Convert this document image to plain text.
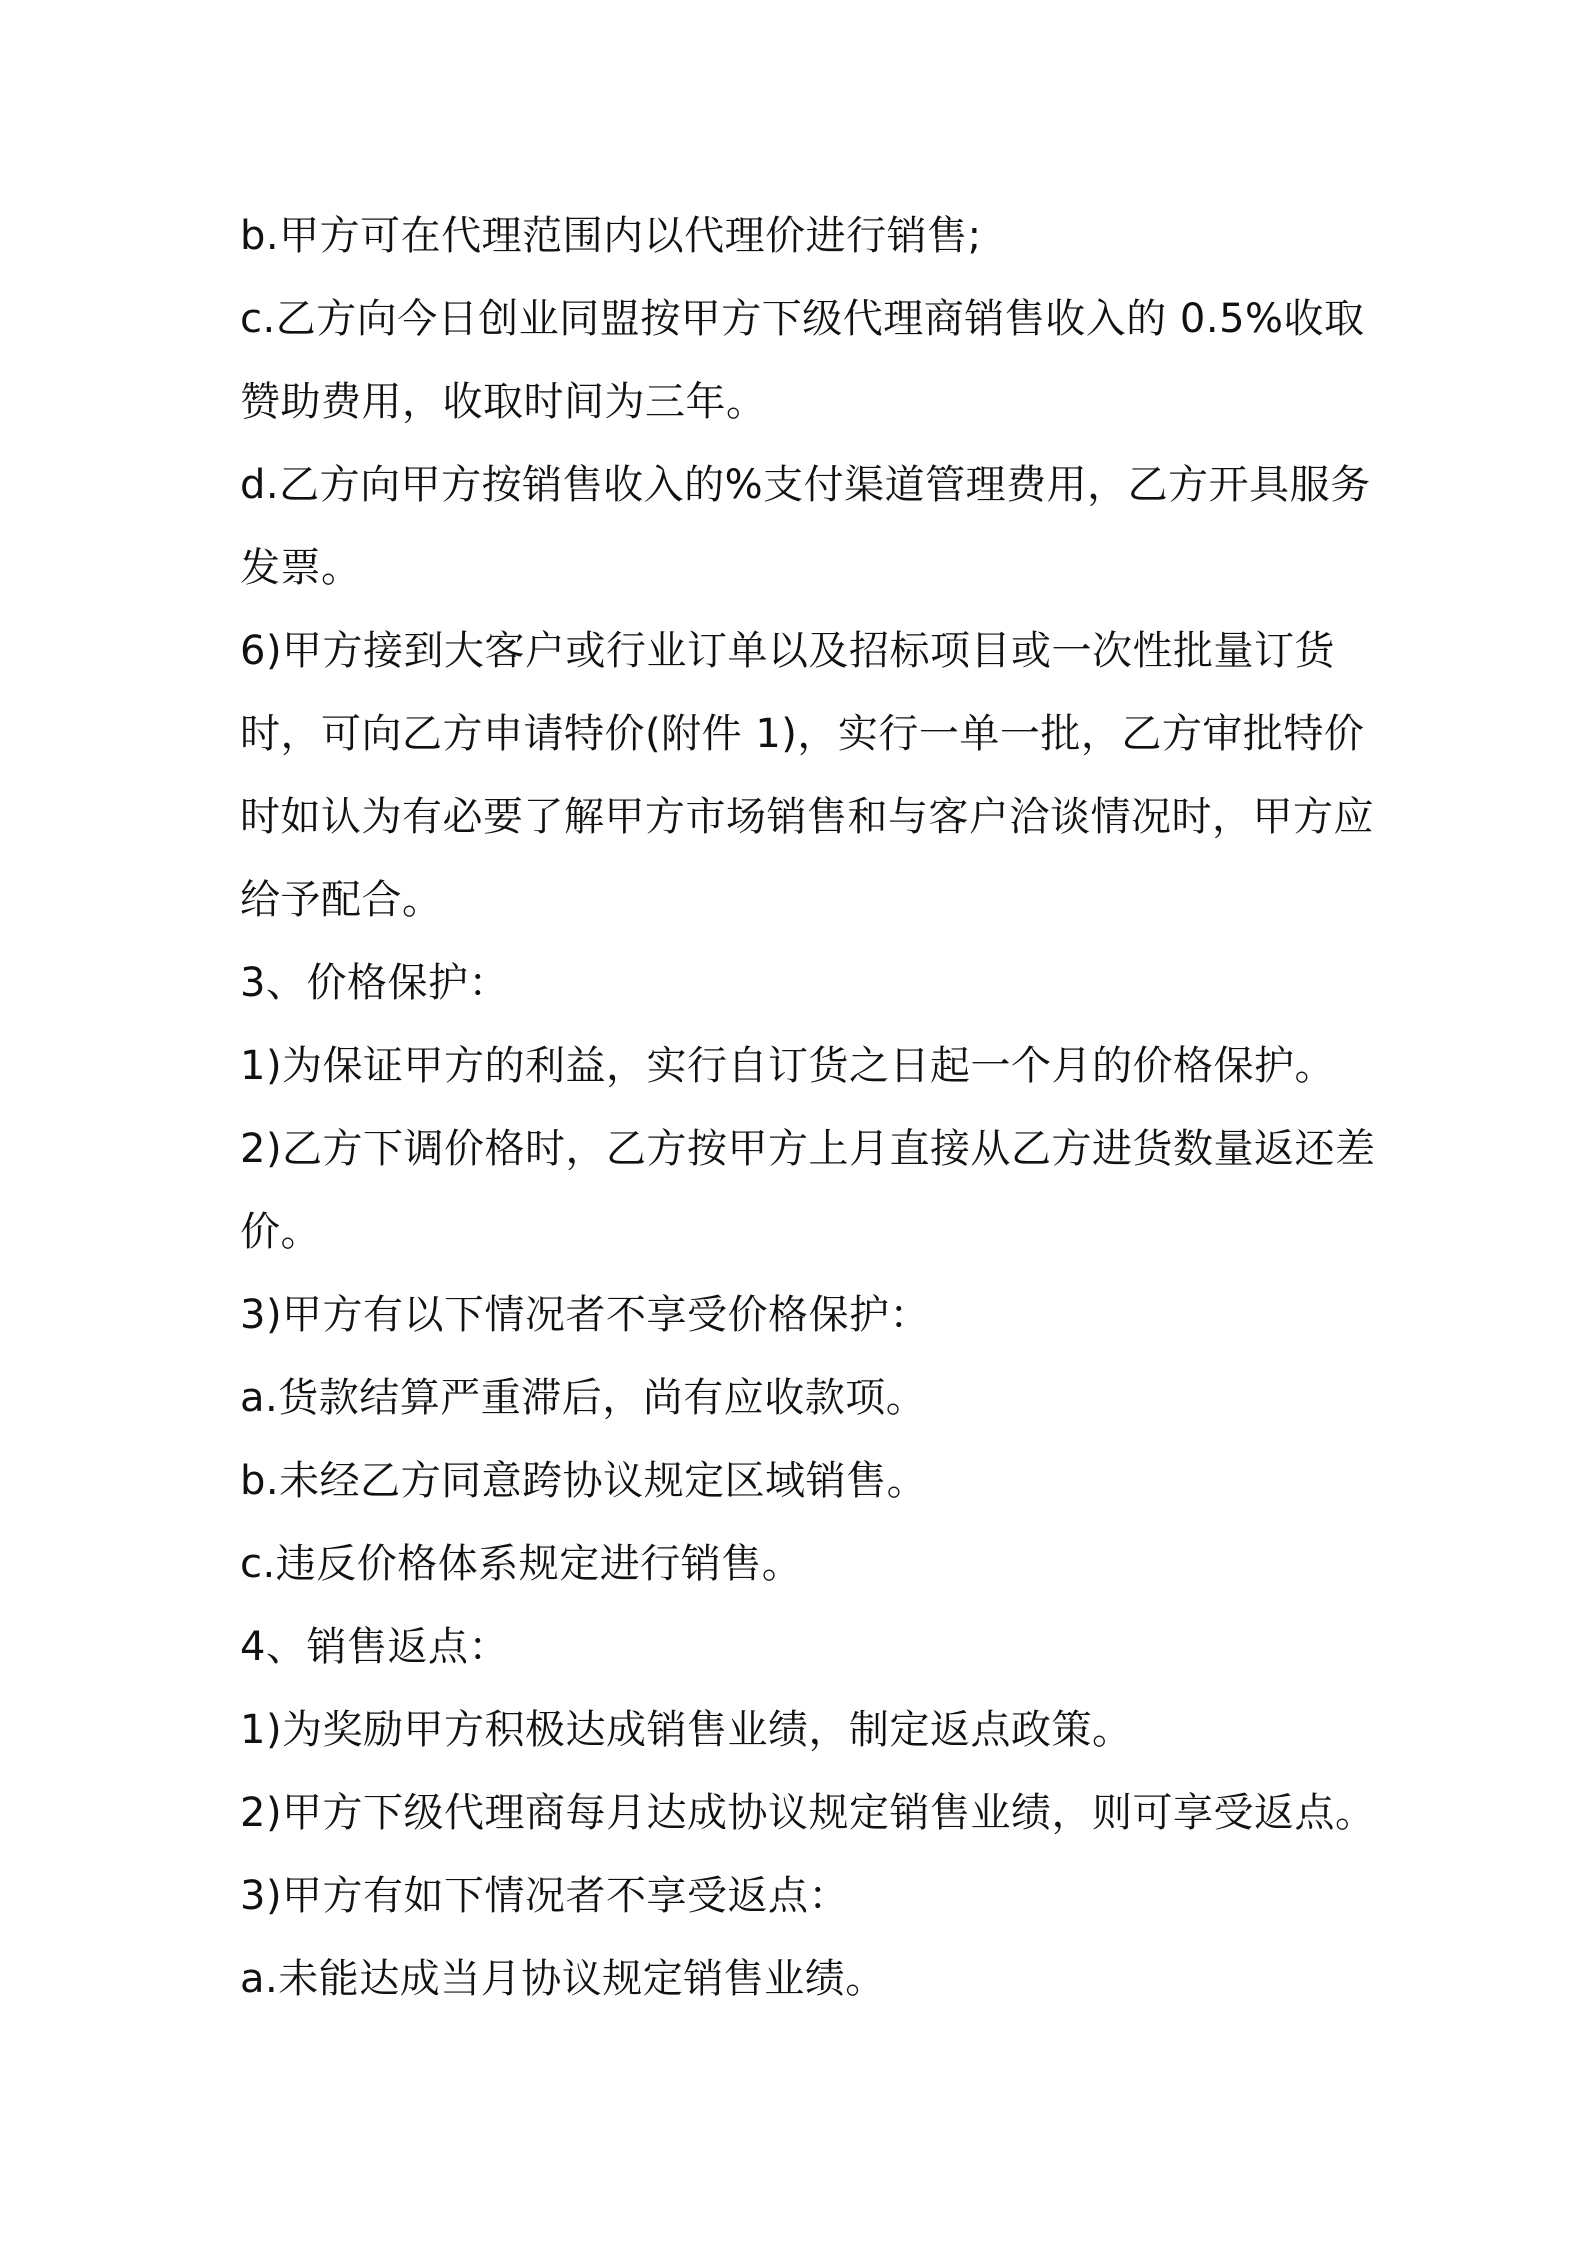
b.甲方可在代理范围内以代理价进行销售;
c.乙方向今日创业同盟按甲方下级代理商销售收入的 0.5%收取
赞助费用，收取时间为三年。
d.乙方向甲方按销售收入的%支付渠道管理费用，乙方开具服务
发票。
6)甲方接到大客户或行业订单以及招标项目或一次性批量订货
时，可向乙方申请特价(附件 1)，实行一单一批，乙方审批特价
时如认为有必要了解甲方市场销售和与客户洽谈情况时，甲方应
给予配合。
3、价格保护：
1)为保证甲方的利益，实行自订货之日起一个月的价格保护。
2)乙方下调价格时，乙方按甲方上月直接从乙方进货数量返还差
价。
3)甲方有以下情况者不享受价格保护：
a.货款结算严重滞后，尚有应收款项。
b.未经乙方同意跨协议规定区域销售。
c.违反价格体系规定进行销售。
4、销售返点：
1)为奖励甲方积极达成销售业绩，制定返点政策。
2)甲方下级代理商每月达成协议规定销售业绩，则可享受返点。
3)甲方有如下情况者不享受返点：
a.未能达成当月协议规定销售业绩。
